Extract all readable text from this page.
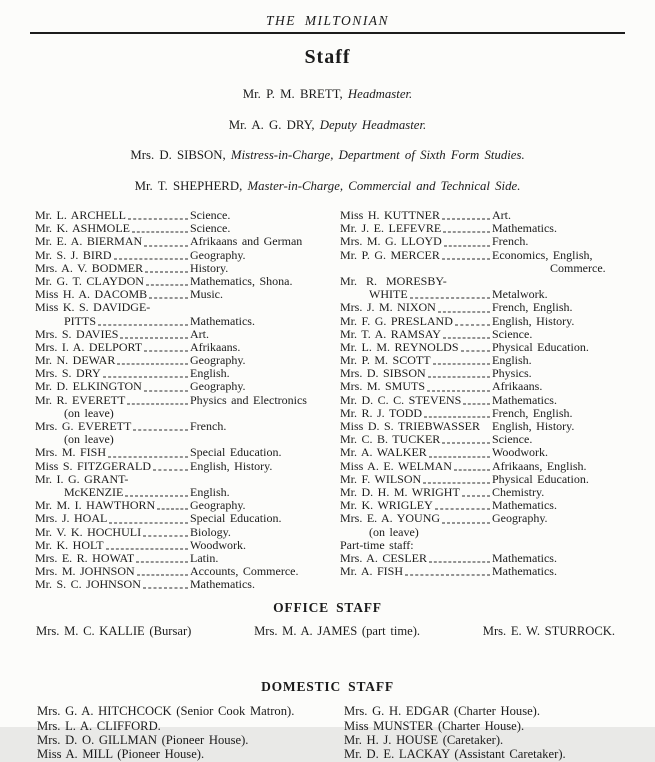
THE MILTONIAN
Staff

Mr. P. M. BRETT, Headmaster.

Mr. A. G. DRY, Deputy Headmaster.

Mrs. D. SIBSON, Mistress-in-Charge, Department of Sixth Form Studies.

Mr. T. SHEPHERD, Master-in-Charge, Commercial and Technical Side.

Mr. L. ARCHELL	Science.
Mr. K. ASHMOLE	Science.
Mr. E. A. BIERMAN	Afrikaans and German
Mr. S. J. BIRD	Geography.
Mrs. A. V. BODMER	History.
Mr. G. T. CLAYDON	Mathematics, Shona.
Miss H. A. DACOMB	Music.
Miss K. S. DAVIDGE-
PITTS	Mathematics.
Mrs. S. DAVIES	Art.
Mrs. I. A. DELPORT	Afrikaans.
Mr. N. DEWAR	Geography.
Mrs. S. DRY	English.
Mr. D. ELKINGTON	Geography.
Mr. R. EVERETT	Physics and Electronics
(on leave)
Mrs. G. EVERETT	French.
(on leave)
Mrs. M. FISH	Special Education.
Miss S. FITZGERALD	English, History.
Mr. I. G. GRANT-
McKENZIE	English.
Mr. M. I. HAWTHORN	Geography.
Mrs. J. HOAL	Special Education.
Mr. V. K. HOCHULI	Biology.
Mr. K. HOLT	Woodwork.
Mrs. E. R. HOWAT	Latin.
Mrs. M. JOHNSON	Accounts, Commerce.
Mr. S. C. JOHNSON	Mathematics.
Miss H. KUTTNER	Art.
Mr. J. E. LEFEVRE	Mathematics.
Mrs. M. G. LLOYD	French.
Mr. P. G. MERCER	Economics, English,
Commerce.
Mr.  R.  MORESBY-
WHITE	Metalwork.
Mrs. J. M. NIXON	French, English.
Mr. F. G. PRESLAND	English, History.
Mr. T. A. RAMSAY	Science.
Mr. L. M. REYNOLDS	Physical Education.
Mr. P. M. SCOTT	English.
Mrs. D. SIBSON	Physics.
Mrs. M. SMUTS	Afrikaans.
Mr. D. C. C. STEVENS	Mathematics.
Mr. R. J. TODD	French, English.
Miss D. S. TRIEBWASSER English, History.
Mr. C. B. TUCKER	Science.
Mr. A. WALKER	Woodwork.
Miss A. E. WELMAN	Afrikaans, English.
Mr. F. WILSON	Physical Education.
Mr. D. H. M. WRIGHT	Chemistry.
Mr. K. WRIGLEY	Mathematics.
Mrs. E. A. YOUNG	Geography.
(on leave)
Part-time staff:
Mrs. A. CESLER	Mathematics.
Mr. A. FISH	Mathematics.
OFFICE STAFF
Mrs. M. C. KALLIE (Bursar)	Mrs. M. A. JAMES (part time).	Mrs. E. W. STURROCK.
DOMESTIC STAFF
Mrs. G. A. HITCHCOCK (Senior Cook Matron).
Mrs. L. A. CLIFFORD.
Mrs. D. O. GILLMAN (Pioneer House).
Miss A. MILL (Pioneer House).
Mrs. G. H. EDGAR (Charter House).
Miss MUNSTER (Charter House).
Mr. H. J. HOUSE (Caretaker).
Mr. D. E. LACKAY (Assistant Caretaker).
